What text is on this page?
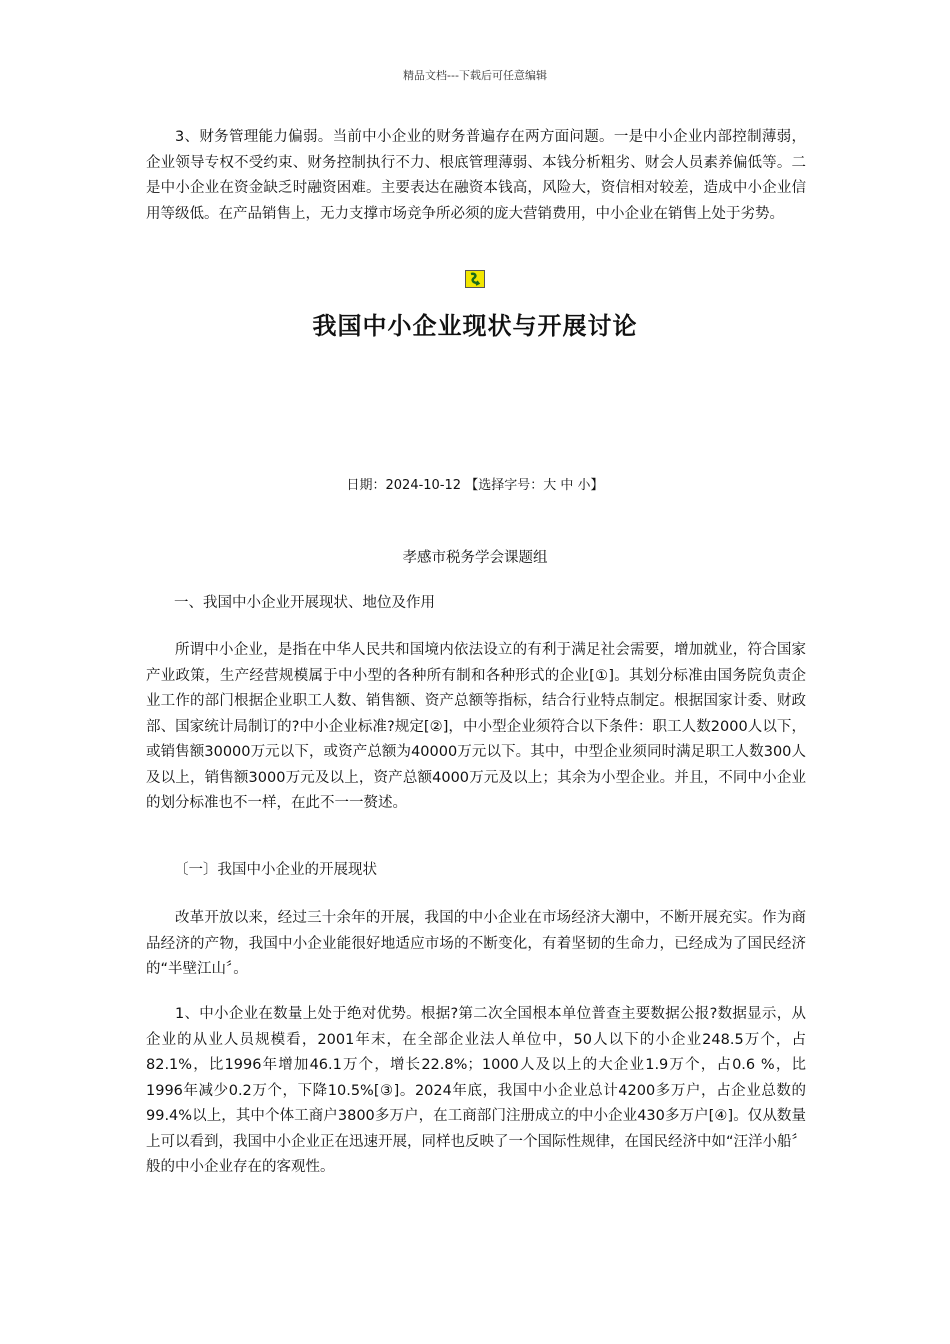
精品文档---下载后可任意编辑

3、财务管理能力偏弱。当前中小企业的财务普遍存在两方面问题。一是中小企业内部控制薄弱，企业领导专权不受约束、财务控制执行不力、根底管理薄弱、本钱分析粗劣、财会人员素养偏低等。二是中小企业在资金缺乏时融资困难。主要表达在融资本钱高，风险大，资信相对较差，造成中小企业信用等级低。在产品销售上，无力支撑市场竞争所必须的庞大营销费用，中小企业在销售上处于劣势。

我国中小企业现状与开展讨论
日期：2024-10-12 【选择字号：大 中 小】
孝感市税务学会课题组
一、我国中小企业开展现状、地位及作用

所谓中小企业，是指在中华人民共和国境内依法设立的有利于满足社会需要，增加就业，符合国家产业政策，生产经营规模属于中小型的各种所有制和各种形式的企业[①]。其划分标准由国务院负责企业工作的部门根据企业职工人数、销售额、资产总额等指标，结合行业特点制定。根据国家计委、财政部、国家统计局制订的?中小企业标准?规定[②]，中小型企业须符合以下条件：职工人数2000人以下，或销售额30000万元以下，或资产总额为40000万元以下。其中，中型企业须同时满足职工人数300人及以上，销售额3000万元及以上，资产总额4000万元及以上；其余为小型企业。并且，不同中小企业的划分标准也不一样，在此不一一赘述。

〔一〕我国中小企业的开展现状

改革开放以来，经过三十余年的开展，我国的中小企业在市场经济大潮中，不断开展充实。作为商品经济的产物，我国中小企业能很好地适应市场的不断变化，有着坚韧的生命力，已经成为了国民经济的“半壁江山〞。

1、中小企业在数量上处于绝对优势。根据?第二次全国根本单位普查主要数据公报?数据显示，从企业的从业人员规模看，2001年末，在全部企业法人单位中，50人以下的小企业248.5万个，占82.1%，比1996年增加46.1万个，增长22.8%；1000人及以上的大企业1.9万个，占0.6 %，比1996年减少0.2万个，下降10.5%[③]。2024年底，我国中小企业总计4200多万户，占企业总数的99.4%以上，其中个体工商户3800多万户，在工商部门注册成立的中小企业430多万户[④]。仅从数量上可以看到，我国中小企业正在迅速开展，同样也反映了一个国际性规律，在国民经济中如“汪洋小船〞般的中小企业存在的客观性。
